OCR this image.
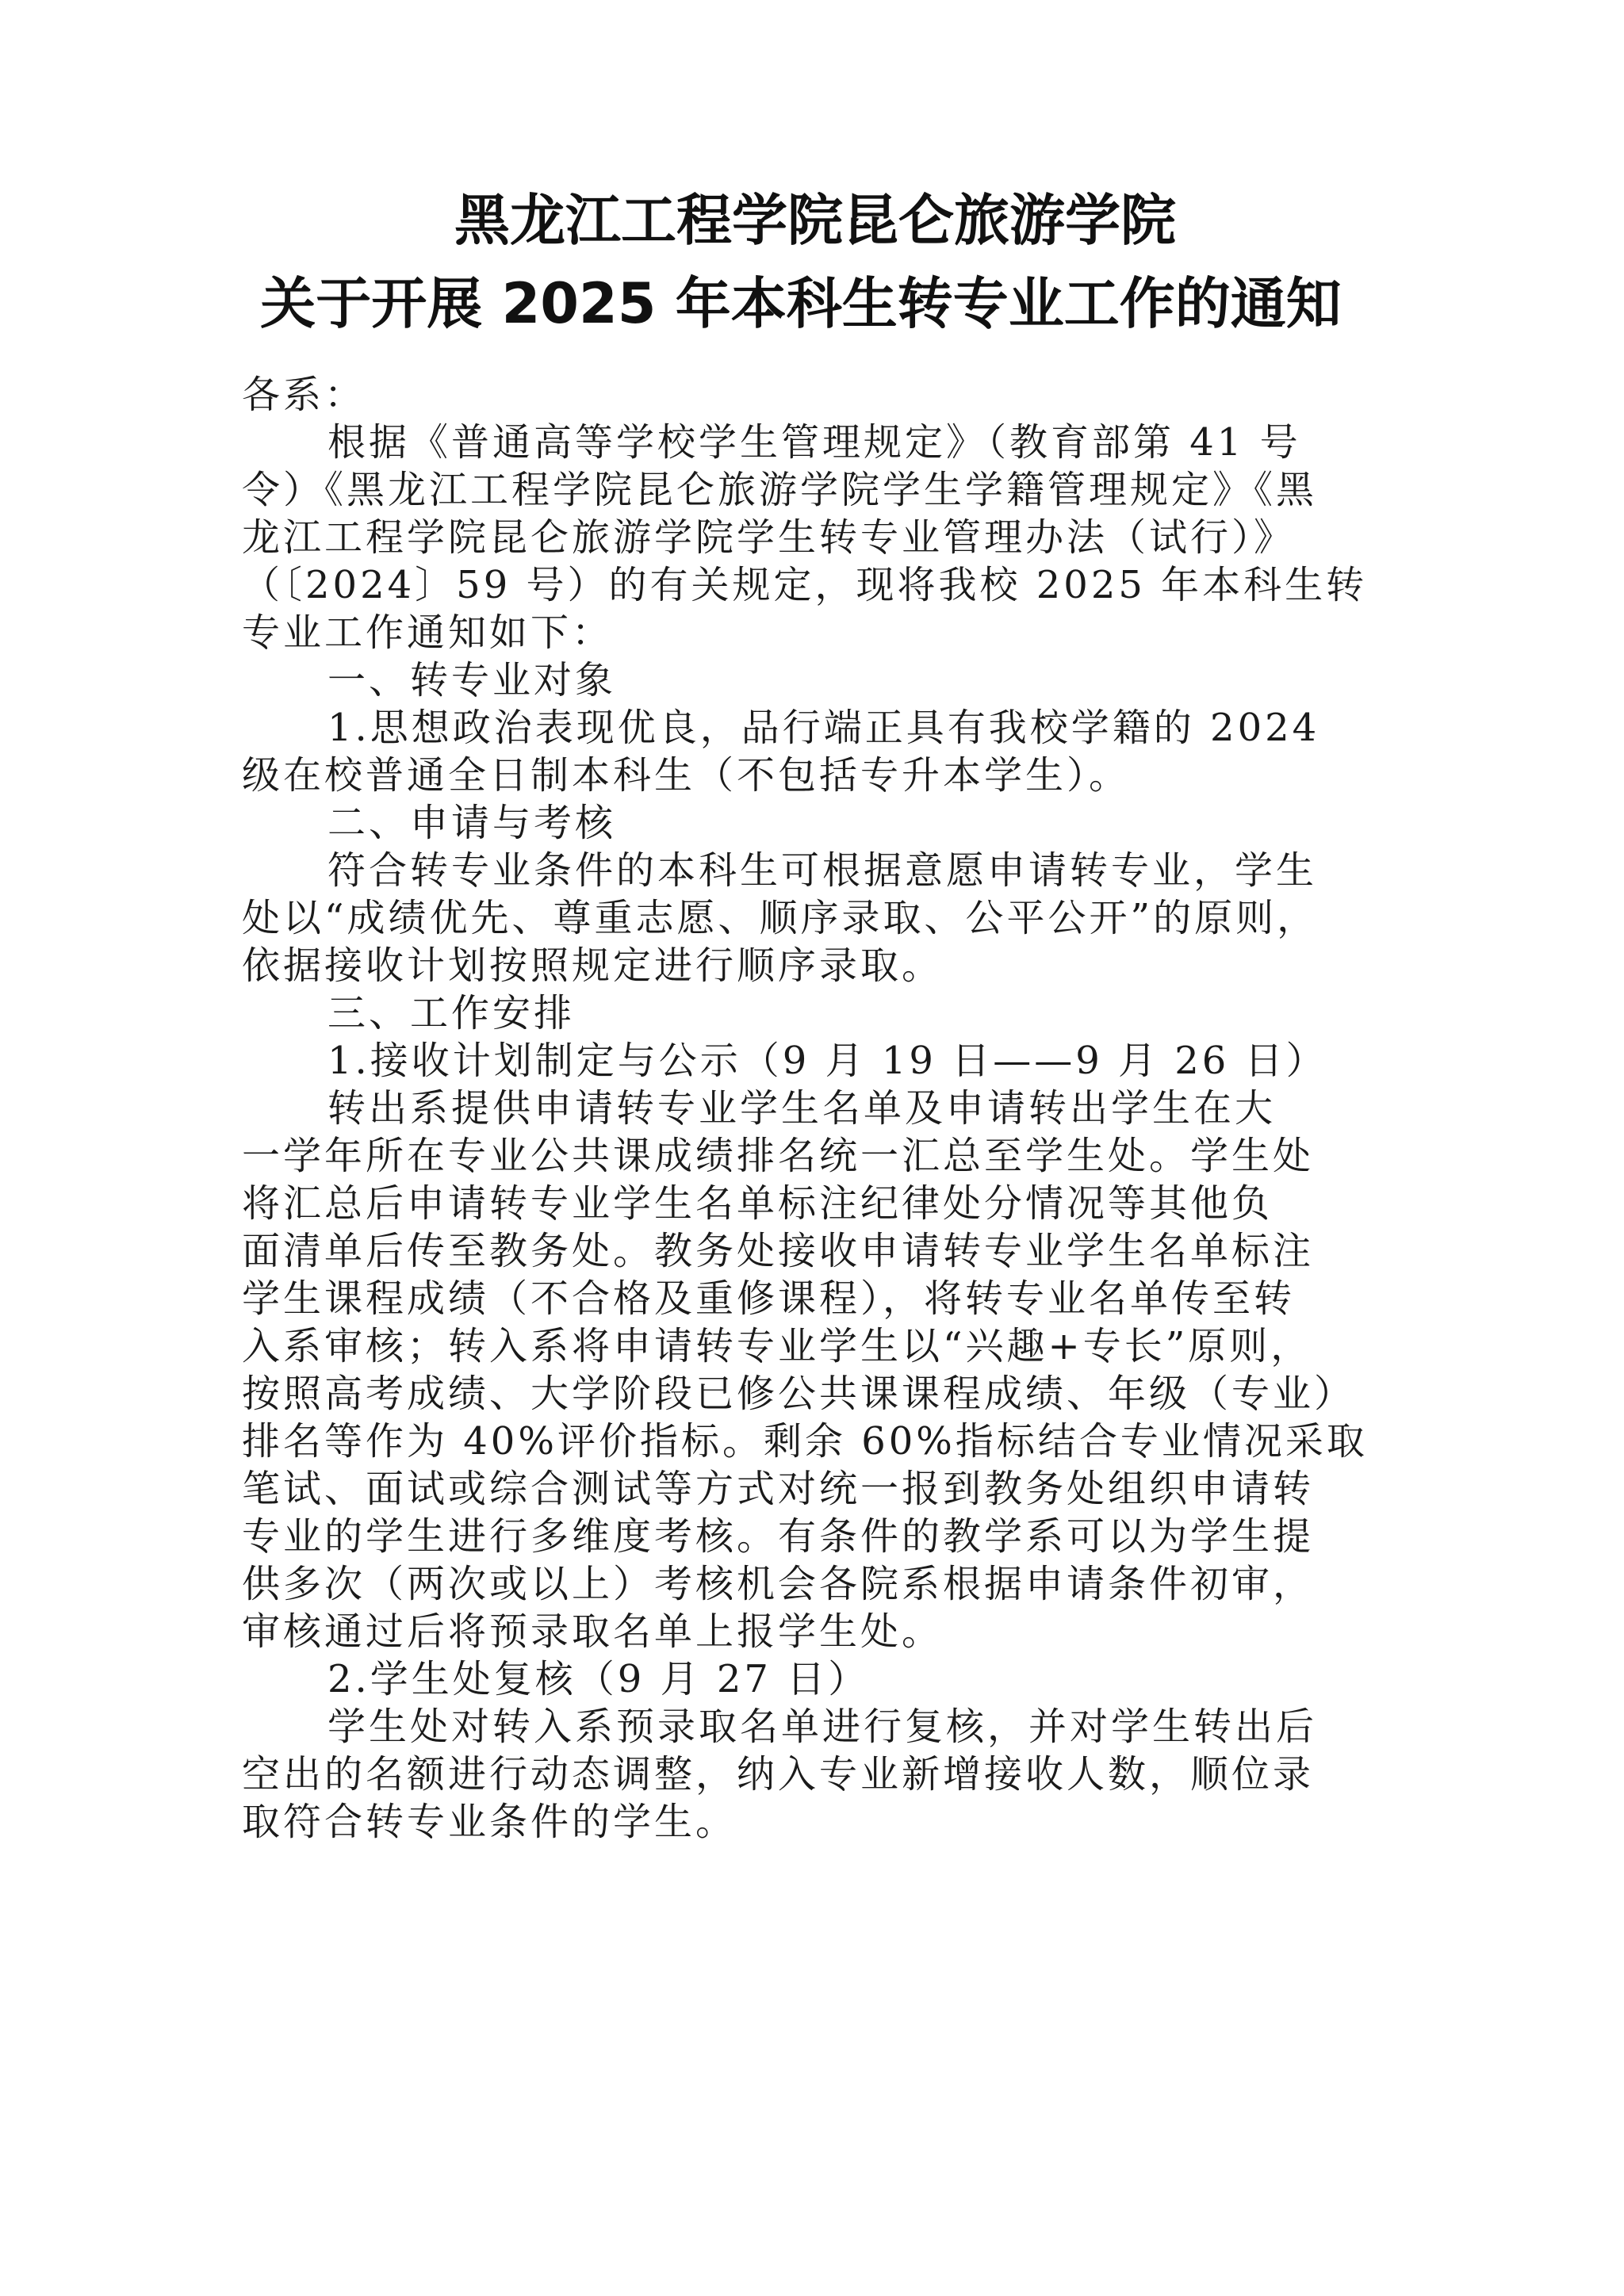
黑龙江工程学院昆仑旅游学院
关于开展 2025 年本科生转专业工作的通知
各系：
根据《普通高等学校学生管理规定》（教育部第 41 号
令）《黑龙江工程学院昆仑旅游学院学生学籍管理规定》《黑
龙江工程学院昆仑旅游学院学生转专业管理办法（试行）》
（〔2024〕59 号）的有关规定，现将我校 2025 年本科生转
专业工作通知如下：
一、转专业对象
1.思想政治表现优良，品行端正具有我校学籍的 2024
级在校普通全日制本科生（不包括专升本学生）。
二、申请与考核
符合转专业条件的本科生可根据意愿申请转专业，学生
处以“成绩优先、尊重志愿、顺序录取、公平公开”的原则，
依据接收计划按照规定进行顺序录取。
三、工作安排
1.接收计划制定与公示（9 月 19 日——9 月 26 日）
转出系提供申请转专业学生名单及申请转出学生在大
一学年所在专业公共课成绩排名统一汇总至学生处。学生处
将汇总后申请转专业学生名单标注纪律处分情况等其他负
面清单后传至教务处。教务处接收申请转专业学生名单标注
学生课程成绩（不合格及重修课程），将转专业名单传至转
入系审核；转入系将申请转专业学生以“兴趣+专长”原则，
按照高考成绩、大学阶段已修公共课课程成绩、年级（专业）
排名等作为 40%评价指标。剩余 60%指标结合专业情况采取
笔试、面试或综合测试等方式对统一报到教务处组织申请转
专业的学生进行多维度考核。有条件的教学系可以为学生提
供多次（两次或以上）考核机会各院系根据申请条件初审，
审核通过后将预录取名单上报学生处。
2.学生处复核（9 月 27 日）
学生处对转入系预录取名单进行复核，并对学生转出后
空出的名额进行动态调整，纳入专业新增接收人数，顺位录
取符合转专业条件的学生。
